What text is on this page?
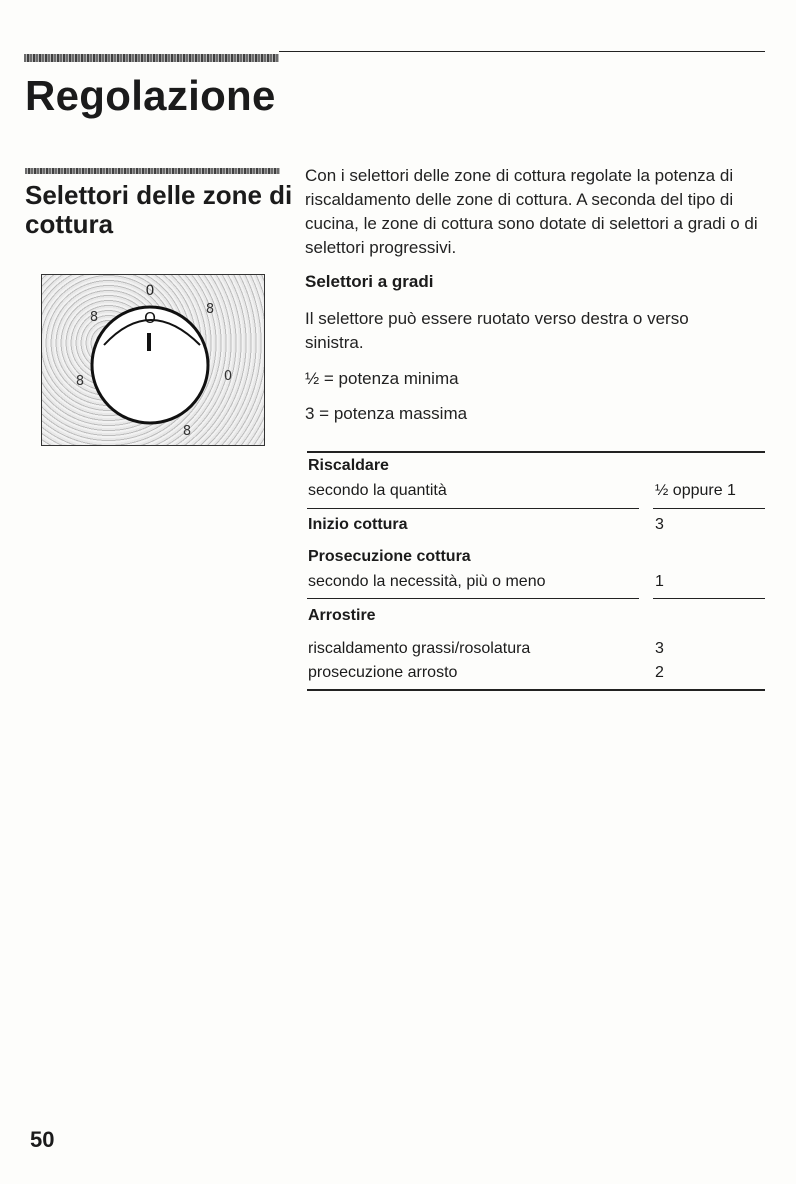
Regolazione
Selettori delle zone di cottura
0
O
8
8
8	0
8
Con i selettori delle zone di cottura regolate la potenza di riscaldamento delle zone di cottura. A seconda del tipo di cucina, le zone di cottura sono dotate di selettori a gradi o di selettori progressivi.
Selettori a gradi
Il selettore può essere ruotato verso destra o verso sinistra.
½ = potenza minima
3 = potenza massima
Riscaldare
secondo la quantità	½ oppure 1
Inizio cottura	3
Prosecuzione cottura
secondo la necessità, più o meno	1
Arrostire
riscaldamento grassi/rosolatura	3
prosecuzione arrosto	2
50
